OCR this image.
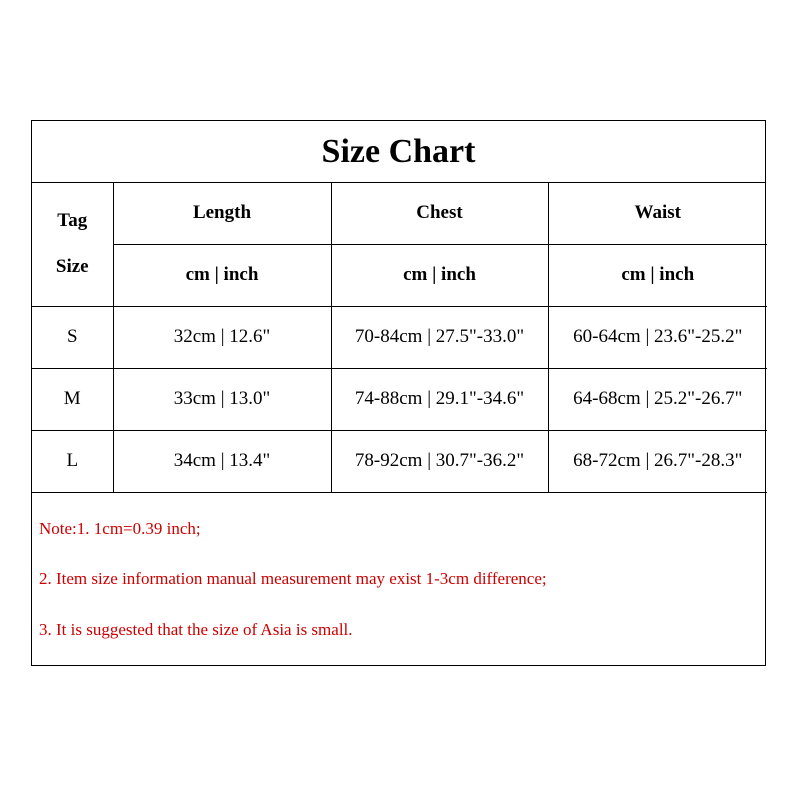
Size Chart
Tag
Size	Length	Chest	Waist
	cm | inch	cm | inch	cm | inch
S	32cm | 12.6"	70-84cm | 27.5"-33.0"	60-64cm | 23.6"-25.2"
M	33cm | 13.0"	74-88cm | 29.1"-34.6"	64-68cm | 25.2"-26.7"
L	34cm | 13.4"	78-92cm | 30.7"-36.2"	68-72cm | 26.7"-28.3"
Note:1. 1cm=0.39 inch;
2. Item size information manual measurement may exist 1-3cm difference;
3. It is suggested that the size of Asia is small.
